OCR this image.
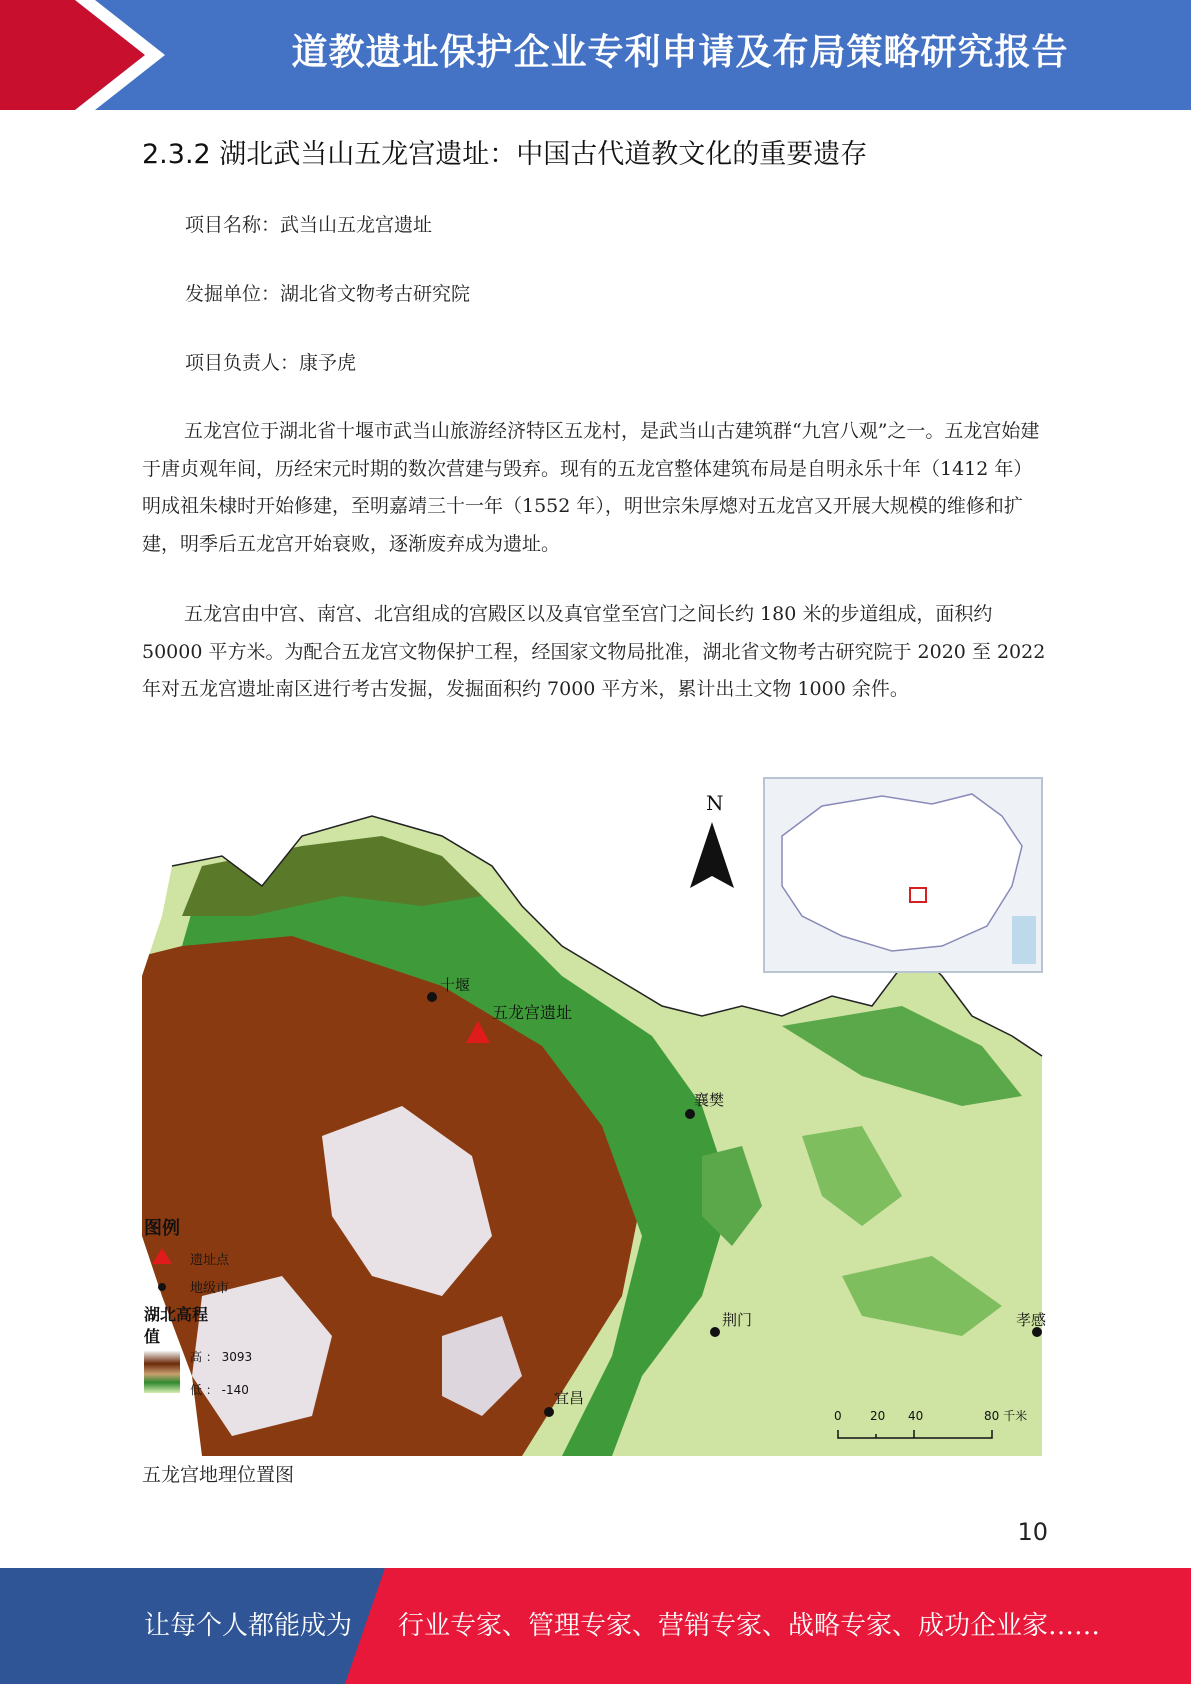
道教遗址保护企业专利申请及布局策略研究报告
2.3.2 湖北武当山五龙宫遗址：中国古代道教文化的重要遗存
项目名称：武当山五龙宫遗址
发掘单位：湖北省文物考古研究院
项目负责人：康予虎
五龙宫位于湖北省十堰市武当山旅游经济特区五龙村，是武当山古建筑群“九宫八观”之一。五龙宫始建于唐贞观年间，历经宋元时期的数次营建与毁弃。现有的五龙宫整体建筑布局是自明永乐十年（1412 年）明成祖朱棣时开始修建，至明嘉靖三十一年（1552 年），明世宗朱厚熜对五龙宫又开展大规模的维修和扩建，明季后五龙宫开始衰败，逐渐废弃成为遗址。
五龙宫由中宫、南宫、北宫组成的宫殿区以及真官堂至宫门之间长约 180 米的步道组成，面积约 50000 平方米。为配合五龙宫文物保护工程，经国家文物局批准，湖北省文物考古研究院于 2020 至 2022 年对五龙宫遗址南区进行考古发掘，发掘面积约 7000 平方米，累计出土文物 1000 余件。
N
十堰
五龙宫遗址
襄樊
荆门
宜昌
孝感
图例
遗址点
地级市
湖北高程
值
高 ： 3093
低 ： -140
0 20 40	80 千米
五龙宫地理位置图
10
让每个人都能成为 行业专家、管理专家、营销专家、战略专家、成功企业家……
